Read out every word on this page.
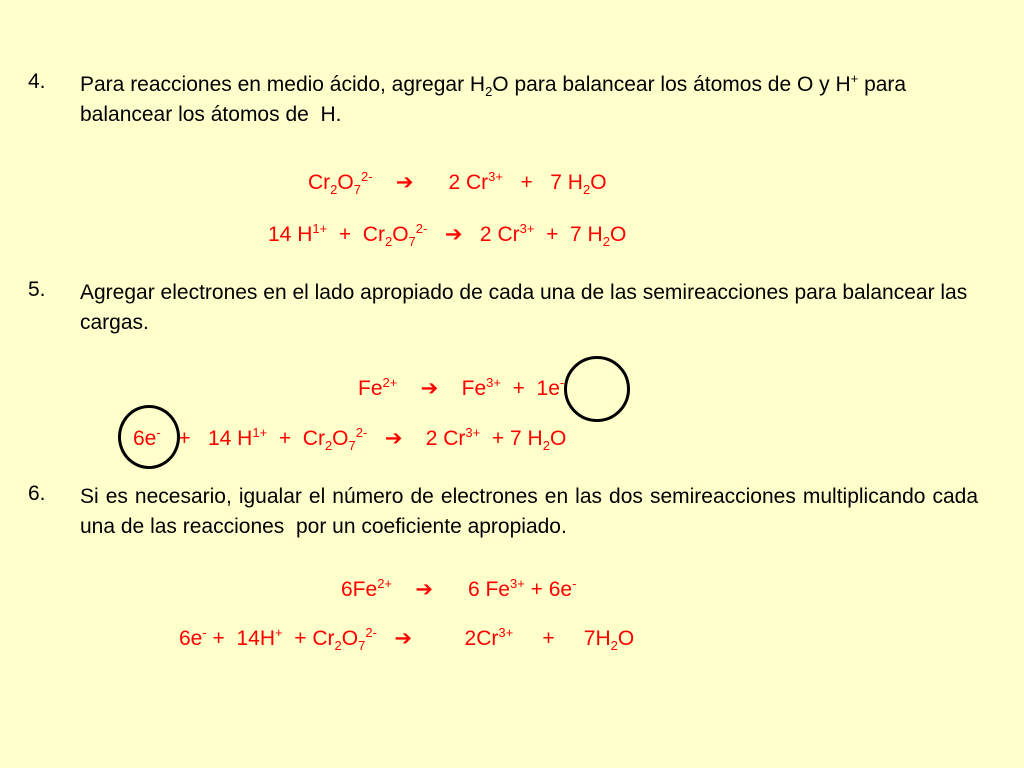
4. Para reacciones en medio ácido, agregar $H_2O$ para balancear los átomos de O y H+ para balancear los átomos de  H.
$Cr_2O_7^{2-}$    ➔      2 $Cr^{3+} + 7$ $H_2O$
14 $H^{1+} + Cr_2O_7^{2-}$   ➔   2 $Cr^{3+} + 7$ $H_2O$
5. Agregar electrones en el lado apropiado de cada una de las semireacciones para balancear las cargas.
$Fe^{2+}$    ➔    $Fe^{3+} + 1e^-$
6e-   +   14 $H^{1+} + Cr_2O_7^{2-}$   ➔    2 $Cr^{3+} + 7$ $H_2O$
6. Si es necesario, igualar el número de electrones en las dos semireacciones multiplicando cada una de las reacciones  por un coeficiente apropiado.
$6Fe^{2+}$    ➔      6 $Fe^{3+} + 6e^-$
$6e^- + 14H^+ + Cr_2O_7^{2-}$   ➔         $2Cr^{3+}$     +     $7H_2O$
